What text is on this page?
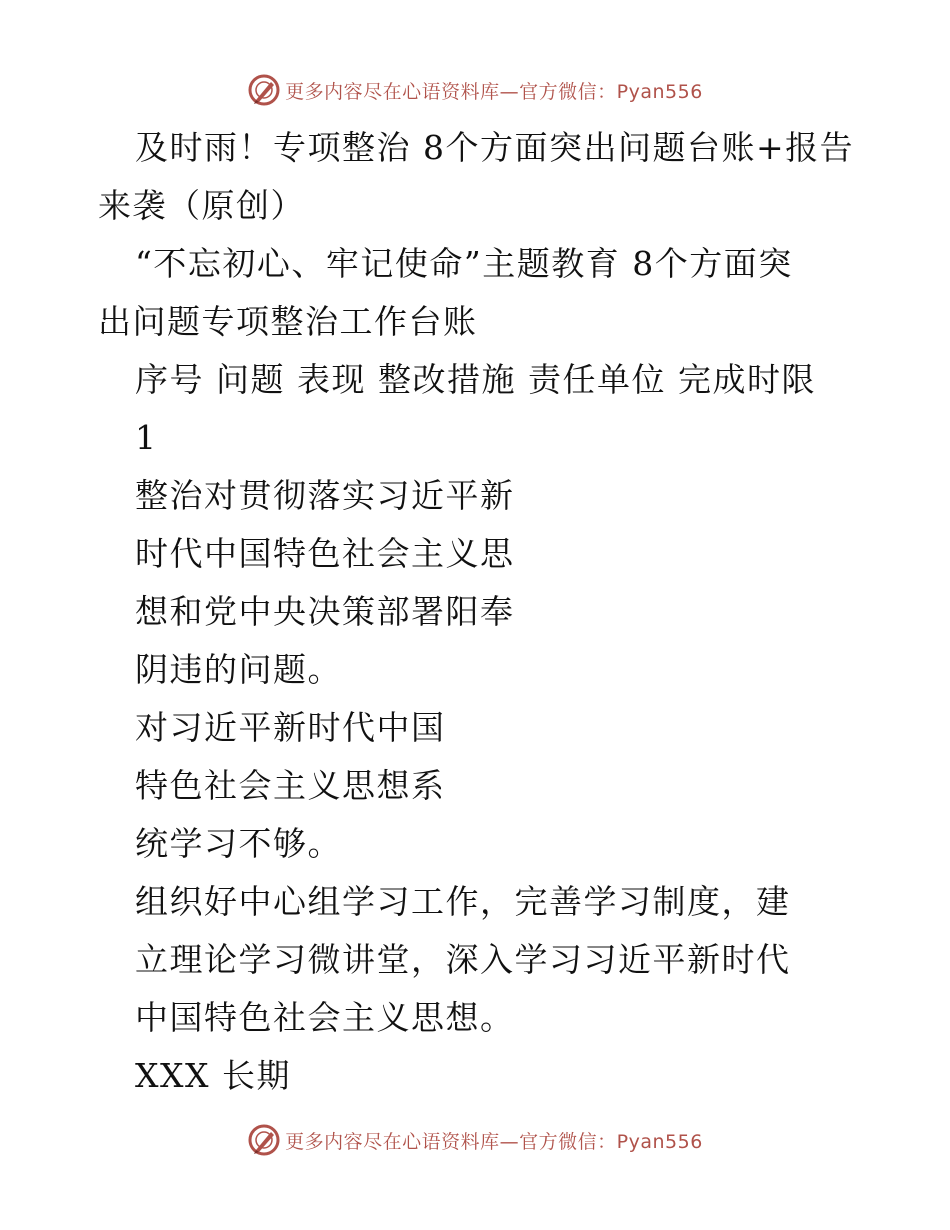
更多内容尽在心语资料库—官方微信：Pyan556
及时雨！专项整治 8个方面突出问题台账+报告
来袭（原创）
“不忘初心、牢记使命”主题教育 8个方面突
出问题专项整治工作台账
序号 问题 表现 整改措施 责任单位 完成时限
1
整治对贯彻落实习近平新
时代中国特色社会主义思
想和党中央决策部署阳奉
阴违的问题。
对习近平新时代中国
特色社会主义思想系
统学习不够。
组织好中心组学习工作，完善学习制度，建
立理论学习微讲堂，深入学习习近平新时代
中国特色社会主义思想。
XXX 长期
更多内容尽在心语资料库—官方微信：Pyan556
